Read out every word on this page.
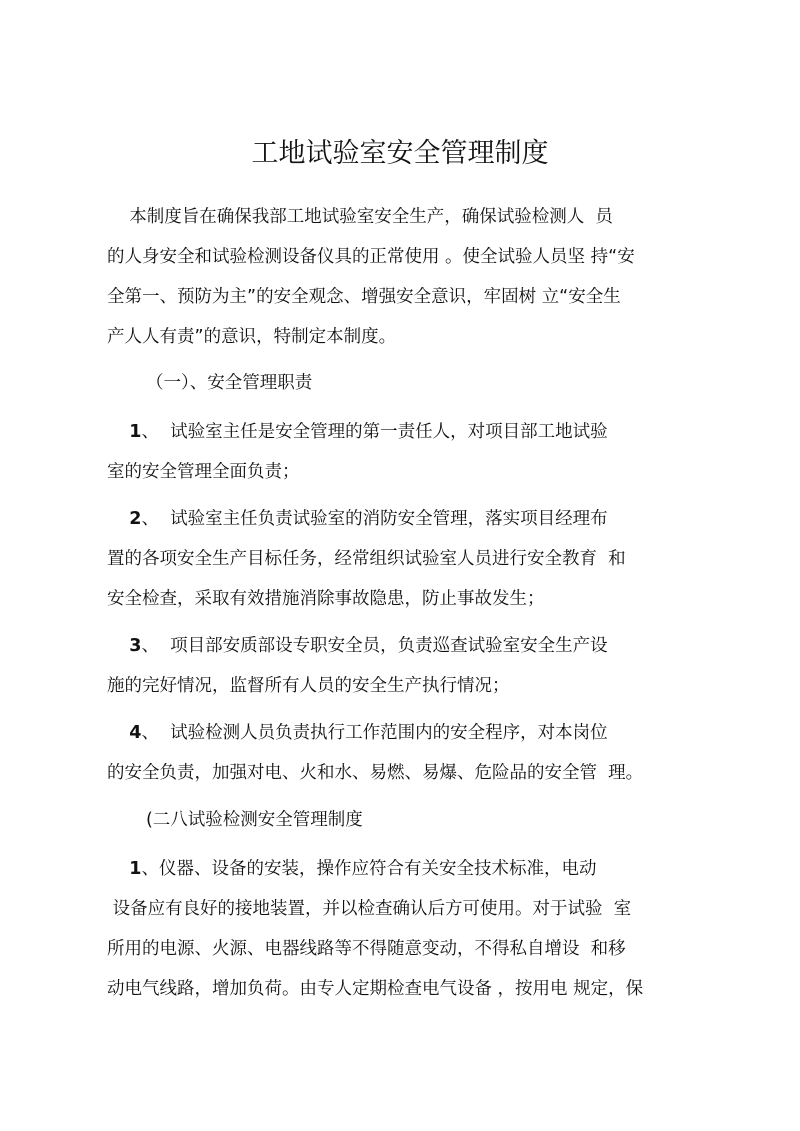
工地试验室安全管理制度
本制度旨在确保我部工地试验室安全生产，确保试验检测人  员
的人身安全和试验检测设备仪具的正常使用 。使全试验人员坚 持“安
全第一、预防为主”的安全观念、增强安全意识，牢固树 立“安全生
产人人有责”的意识，特制定本制度。
（一）、安全管理职责
1、  试验室主任是安全管理的第一责任人，对项目部工地试验
室的安全管理全面负责；
2、  试验室主任负责试验室的消防安全管理，落实项目经理布
置的各项安全生产目标任务，经常组织试验室人员进行安全教育  和
安全检查，采取有效措施消除事故隐患，防止事故发生；
3、  项目部安质部设专职安全员，负责巡查试验室安全生产设
施的完好情况，监督所有人员的安全生产执行情况；
4、  试验检测人员负责执行工作范围内的安全程序，对本岗位
的安全负责，加强对电、火和水、易燃、易爆、危险品的安全管  理。
(二八试验检测安全管理制度
1、仪器、设备的安装，操作应符合有关安全技术标准，电动
设备应有良好的接地装置，并以检查确认后方可使用。对于试验  室
所用的电源、火源、电器线路等不得随意变动，不得私自增设  和移
动电气线路，增加负荷。由专人定期检查电气设备 ，按用电 规定，保
